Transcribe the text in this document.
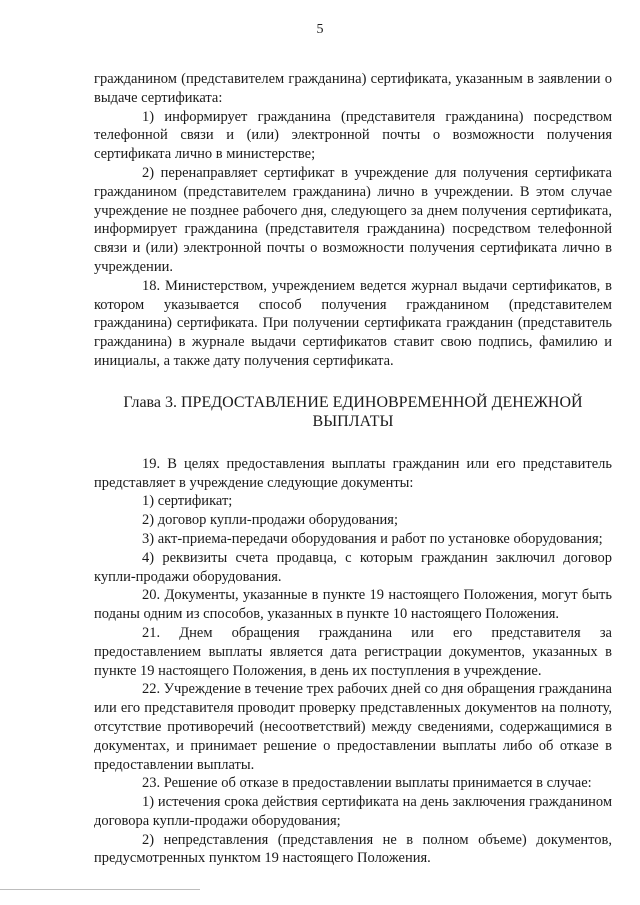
5

гражданином (представителем гражданина) сертификата, указанным в заявлении о выдаче сертификата:

1) информирует гражданина (представителя гражданина) посредством телефонной связи и (или) электронной почты о возможности получения сертификата лично в министерстве;

2) перенаправляет сертификат в учреждение для получения сертификата гражданином (представителем гражданина) лично в учреждении. В этом случае учреждение не позднее рабочего дня, следующего за днем получения сертификата, информирует гражданина (представителя гражданина) посредством телефонной связи и (или) электронной почты о возможности получения сертификата лично в учреждении.

18. Министерством, учреждением ведется журнал выдачи сертификатов, в котором указывается способ получения гражданином (представителем гражданина) сертификата. При получении сертификата гражданин (представитель гражданина) в журнале выдачи сертификатов ставит свою подпись, фамилию и инициалы, а также дату получения сертификата.

Глава 3. ПРЕДОСТАВЛЕНИЕ ЕДИНОВРЕМЕННОЙ ДЕНЕЖНОЙ ВЫПЛАТЫ

19. В целях предоставления выплаты гражданин или его представитель представляет в учреждение следующие документы:

1) сертификат;

2) договор купли-продажи оборудования;

3) акт-приема-передачи оборудования и работ по установке оборудования;

4) реквизиты счета продавца, с которым гражданин заключил договор купли-продажи оборудования.

20. Документы, указанные в пункте 19 настоящего Положения, могут быть поданы одним из способов, указанных в пункте 10 настоящего Положения.

21. Днем обращения гражданина или его представителя за предоставлением выплаты является дата регистрации документов, указанных в пункте 19 настоящего Положения, в день их поступления в учреждение.

22. Учреждение в течение трех рабочих дней со дня обращения гражданина или его представителя проводит проверку представленных документов на полноту, отсутствие противоречий (несоответствий) между сведениями, содержащимися в документах, и принимает решение о предоставлении выплаты либо об отказе в предоставлении выплаты.

23. Решение об отказе в предоставлении выплаты принимается в случае:

1) истечения срока действия сертификата на день заключения гражданином договора купли-продажи оборудования;

2) непредставления (представления не в полном объеме) документов, предусмотренных пунктом 19 настоящего Положения.
